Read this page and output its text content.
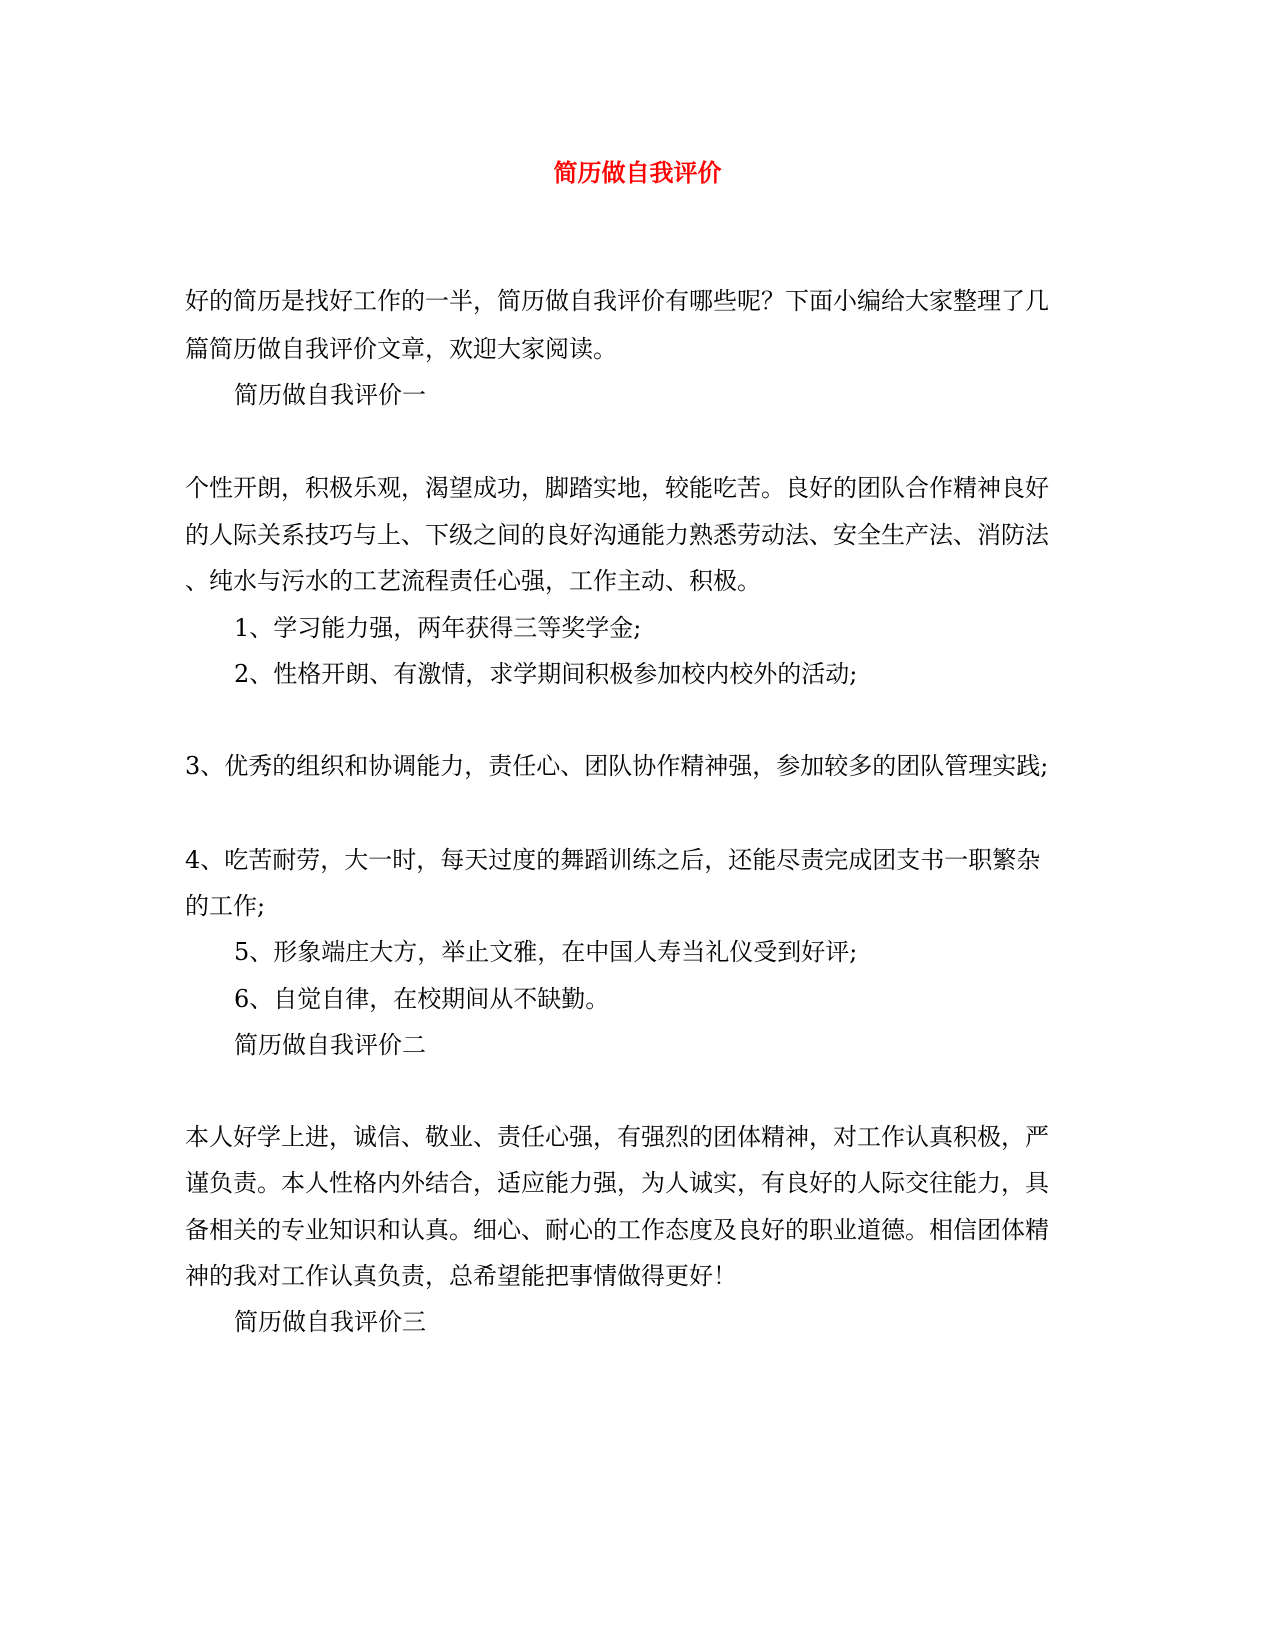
简历做自我评价
好的简历是找好工作的一半，简历做自我评价有哪些呢？下面小编给大家整理了几
篇简历做自我评价文章，欢迎大家阅读。
简历做自我评价一
个性开朗，积极乐观，渴望成功，脚踏实地，较能吃苦。良好的团队合作精神良好
的人际关系技巧与上、下级之间的良好沟通能力熟悉劳动法、安全生产法、消防法
、纯水与污水的工艺流程责任心强，工作主动、积极。
1、学习能力强，两年获得三等奖学金;
2、性格开朗、有激情，求学期间积极参加校内校外的活动;
3、优秀的组织和协调能力，责任心、团队协作精神强，参加较多的团队管理实践;
4、吃苦耐劳，大一时，每天过度的舞蹈训练之后，还能尽责完成团支书一职繁杂
的工作;
5、形象端庄大方，举止文雅，在中国人寿当礼仪受到好评;
6、自觉自律，在校期间从不缺勤。
简历做自我评价二
本人好学上进，诚信、敬业、责任心强，有强烈的团体精神，对工作认真积极，严
谨负责。本人性格内外结合，适应能力强，为人诚实，有良好的人际交往能力，具
备相关的专业知识和认真。细心、耐心的工作态度及良好的职业道德。相信团体精
神的我对工作认真负责，总希望能把事情做得更好！
简历做自我评价三
